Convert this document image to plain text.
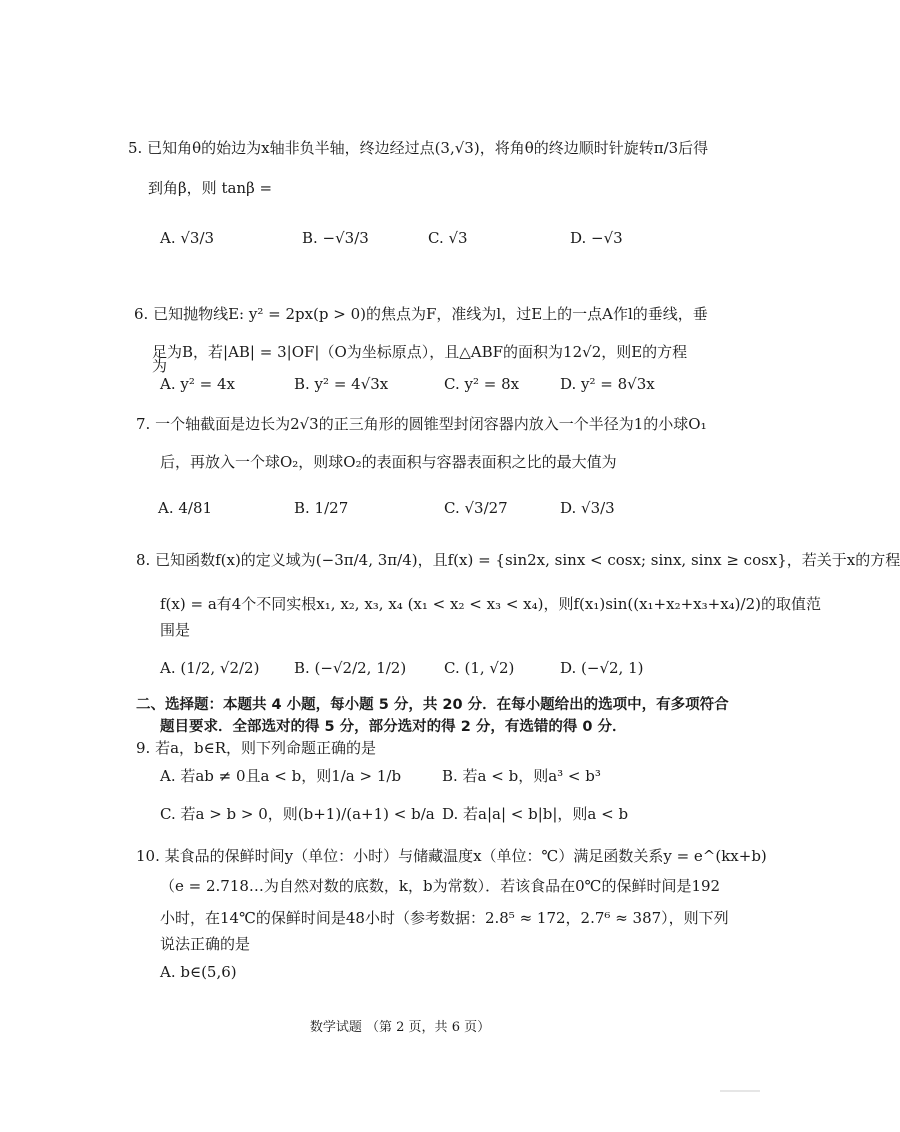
5. 已知角θ的始边为x轴非负半轴，终边经过点(3,√3)，将角θ的终边顺时针旋转π/3后得
到角β，则 tanβ =
A. √3/3	B. −√3/3	C. √3	D. −√3
6. 已知抛物线E: y² = 2px(p > 0)的焦点为F，准线为l，过E上的一点A作l的垂线，垂
足为B，若|AB| = 3|OF|（O为坐标原点），且△ABF的面积为12√2，则E的方程
为
A. y² = 4x	B. y² = 4√3x	C. y² = 8x	D. y² = 8√3x
7. 一个轴截面是边长为2√3的正三角形的圆锥型封闭容器内放入一个半径为1的小球O₁
后，再放入一个球O₂，则球O₂的表面积与容器表面积之比的最大值为
A. 4/81	B. 1/27	C. √3/27	D. √3/3
8. 已知函数f(x)的定义域为(−3π/4, 3π/4)，且f(x) = {sin2x, sinx < cosx; sinx, sinx ≥ cosx}，若关于x的方程
f(x) = a有4个不同实根x₁, x₂, x₃, x₄ (x₁ < x₂ < x₃ < x₄)，则f(x₁)sin((x₁+x₂+x₃+x₄)/2)的取值范
围是
A. (1/2, √2/2) B. (−√2/2, 1/2)	C. (1, √2)	D. (−√2, 1)
二、选择题：本题共 4 小题，每小题 5 分，共 20 分．在每小题给出的选项中，有多项符合
题目要求．全部选对的得 5 分，部分选对的得 2 分，有选错的得 0 分．
9. 若a，b∈R，则下列命题正确的是
A. 若ab ≠ 0且a < b，则1/a > 1/b	B. 若a < b，则a³ < b³
C. 若a > b > 0，则(b+1)/(a+1) < b/a D. 若a|a| < b|b|，则a < b
10. 某食品的保鲜时间y（单位：小时）与储藏温度x（单位：℃）满足函数关系y = e^(kx+b)
（e = 2.718…为自然对数的底数，k，b为常数）．若该食品在0℃的保鲜时间是192
小时，在14℃的保鲜时间是48小时（参考数据：2.8⁵ ≈ 172，2.7⁶ ≈ 387），则下列
说法正确的是
A. b∈(5,6)
数学试题 （第 2 页，共 6 页）
